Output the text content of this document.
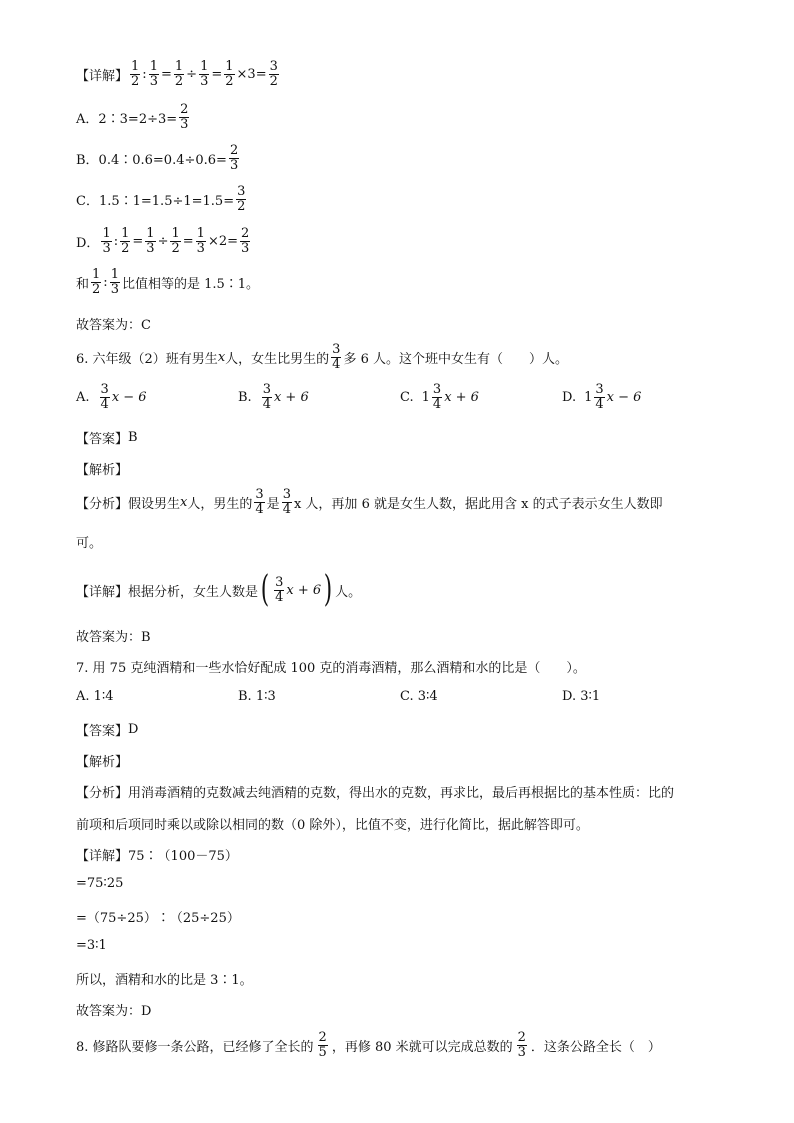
【详解】 $\frac{1}{2}$ : $\frac{1}{3} = \frac{1}{2} \div \frac{1}{3} = \frac{1}{2} \times 3= \frac{3}{2}$
A．2∶3=2÷3= $\frac{2}{3}$
B．0.4∶0.6=0.4÷0.6= $\frac{2}{3}$
C．1.5∶1=1.5÷1=1.5= $\frac{3}{2}$
D． $\frac{1}{3}$ : $\frac{1}{2} = \frac{1}{3} \div \frac{1}{2} = \frac{1}{3} \times 2= \frac{2}{3}$
和 $\frac{1}{2}$ : $\frac{1}{3}$ 比值相等的是 1.5∶1。
故答案为：C
6. 六年级（2）班有男生 x 人，女生比男生的 $\frac{3}{4}$ 多 6 人。这个班中女生有（　　）人。
A. $\frac{3}{4}$ x − 6	B. $\frac{3}{4}$ x + 6	C. $1 \frac{3}{4}$ x + 6	D. $1 \frac{3}{4}$ x − 6
【答案】 B
【解析】
【分析】 假设男生 x 人，男生的 $\frac{3}{4}$ 是 $\frac{3}{4}$ x 人，再加 6 就是女生人数，据此用含 x 的式子表示女生人数即
可。
【详解】 根据分析，女生人数是 ( $\frac{3}{4}$ x + 6 ) 人。
故答案为：B
7. 用 75 克纯酒精和一些水恰好配成 100 克的消毒酒精，那么酒精和水的比是（　　）。
A. 1∶4	B. 1∶3	C. 3∶4	D. 3∶1
【答案】 D
【解析】
【分析】用消毒酒精的克数减去纯酒精的克数，得出水的克数，再求比，最后再根据比的基本性质：比的
前项和后项同时乘以或除以相同的数（0 除外），比值不变，进行化简比，据此解答即可。
【详解】75∶（100－75）
=75∶25
=（75÷25）∶（25÷25）
=3∶1
所以，酒精和水的比是 3∶1。
故答案为：D
8. 修路队要修一条公路，已经修了全长的 $\frac{2}{5}$ ，再修 80 米就可以完成总数的 $\frac{2}{3}$ ．这条公路全长（　）
